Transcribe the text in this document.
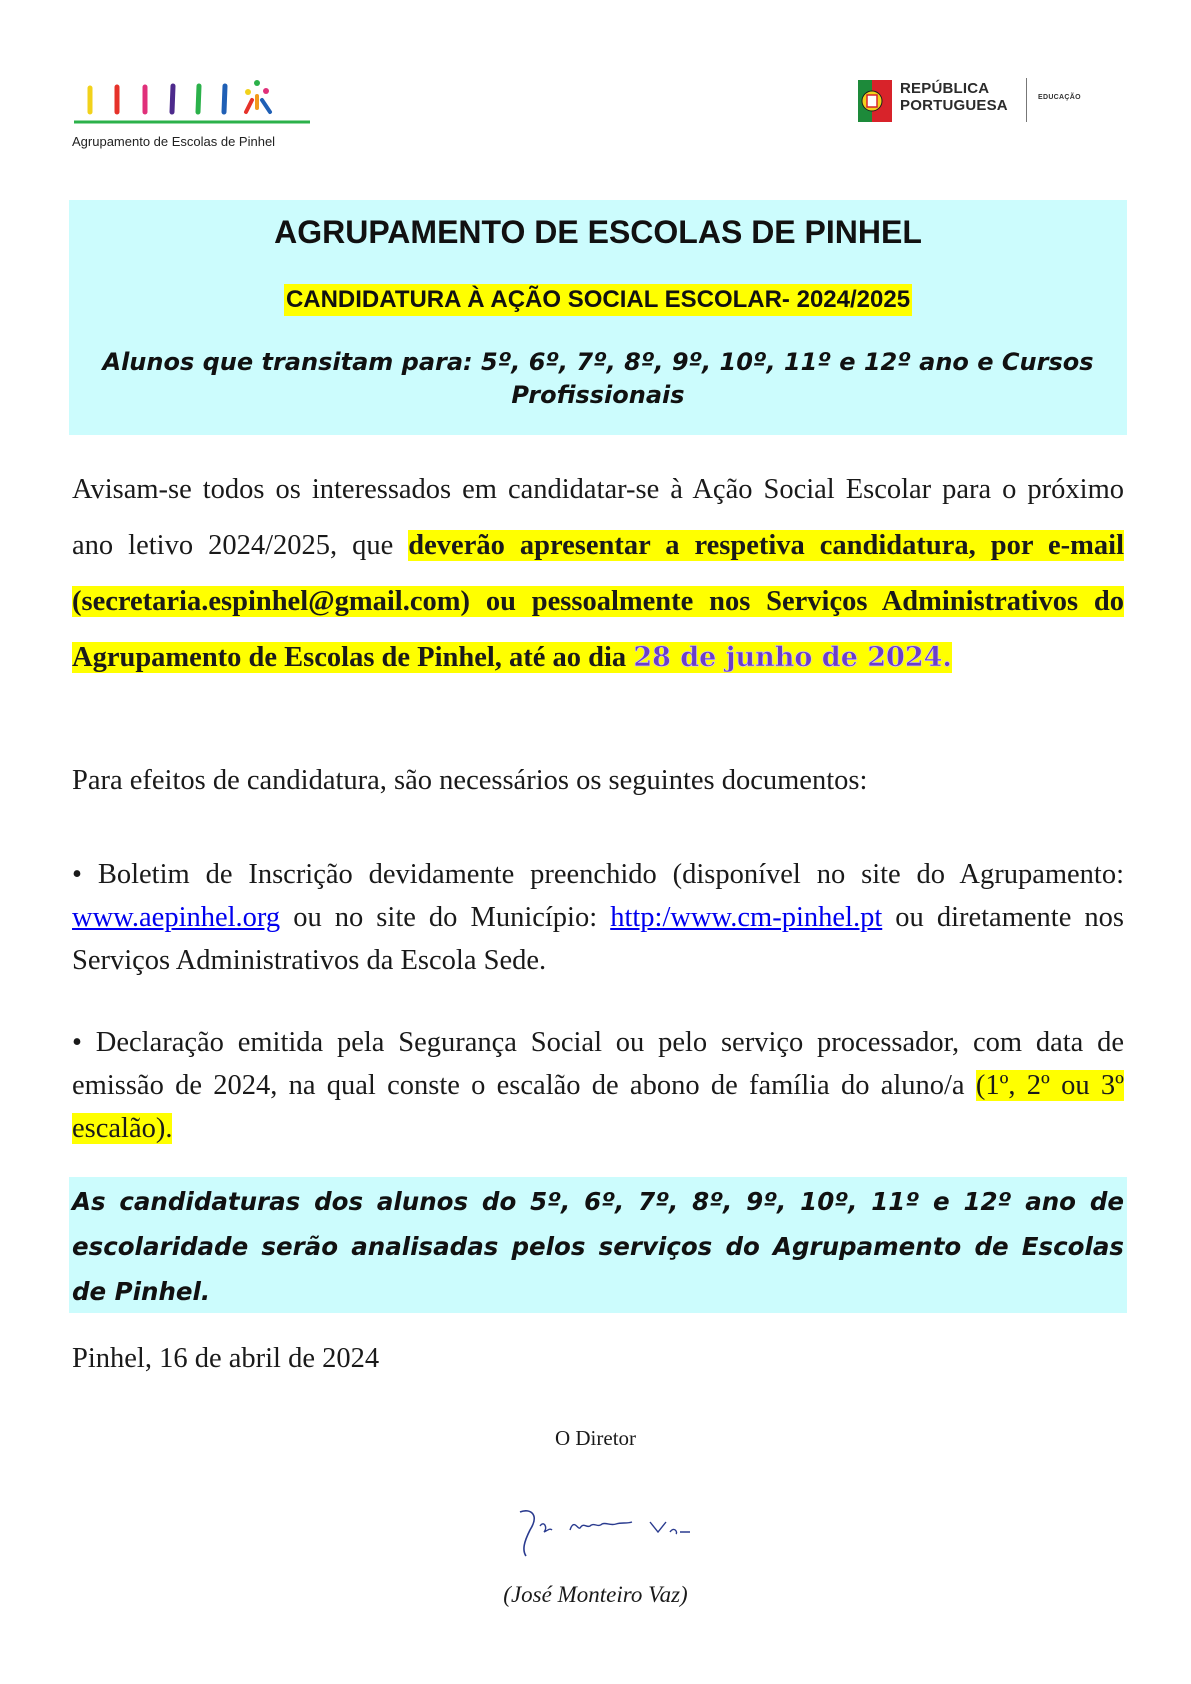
Agrupamento de Escolas de Pinhel
REPÚBLICA
PORTUGUESA	EDUCAÇÃO
AGRUPAMENTO DE ESCOLAS DE PINHEL
CANDIDATURA À AÇÃO SOCIAL ESCOLAR- 2024/2025
Alunos que transitam para: 5º, 6º, 7º, 8º, 9º, 10º, 11º e 12º ano e Cursos Profissionais
Avisam-se todos os interessados em candidatar-se à Ação Social Escolar para o próximo ano letivo 2024/2025, que deverão apresentar a respetiva candidatura, por e-mail (secretaria.espinhel@gmail.com) ou pessoalmente nos Serviços Administrativos do Agrupamento de Escolas de Pinhel, até ao dia 28 de junho de 2024.
Para efeitos de candidatura, são necessários os seguintes documentos:
• Boletim de Inscrição devidamente preenchido (disponível no site do Agrupamento: www.aepinhel.org ou no site do Município: http:/www.cm-pinhel.pt ou diretamente nos Serviços Administrativos da Escola Sede.
• Declaração emitida pela Segurança Social ou pelo serviço processador, com data de emissão de 2024, na qual conste o escalão de abono de família do aluno/a (1º, 2º ou 3º escalão).
As candidaturas dos alunos do 5º, 6º, 7º, 8º, 9º, 10º, 11º e 12º ano de escolaridade serão analisadas pelos serviços do Agrupamento de Escolas de Pinhel.
Pinhel, 16 de abril de 2024
O Diretor
(José Monteiro Vaz)
